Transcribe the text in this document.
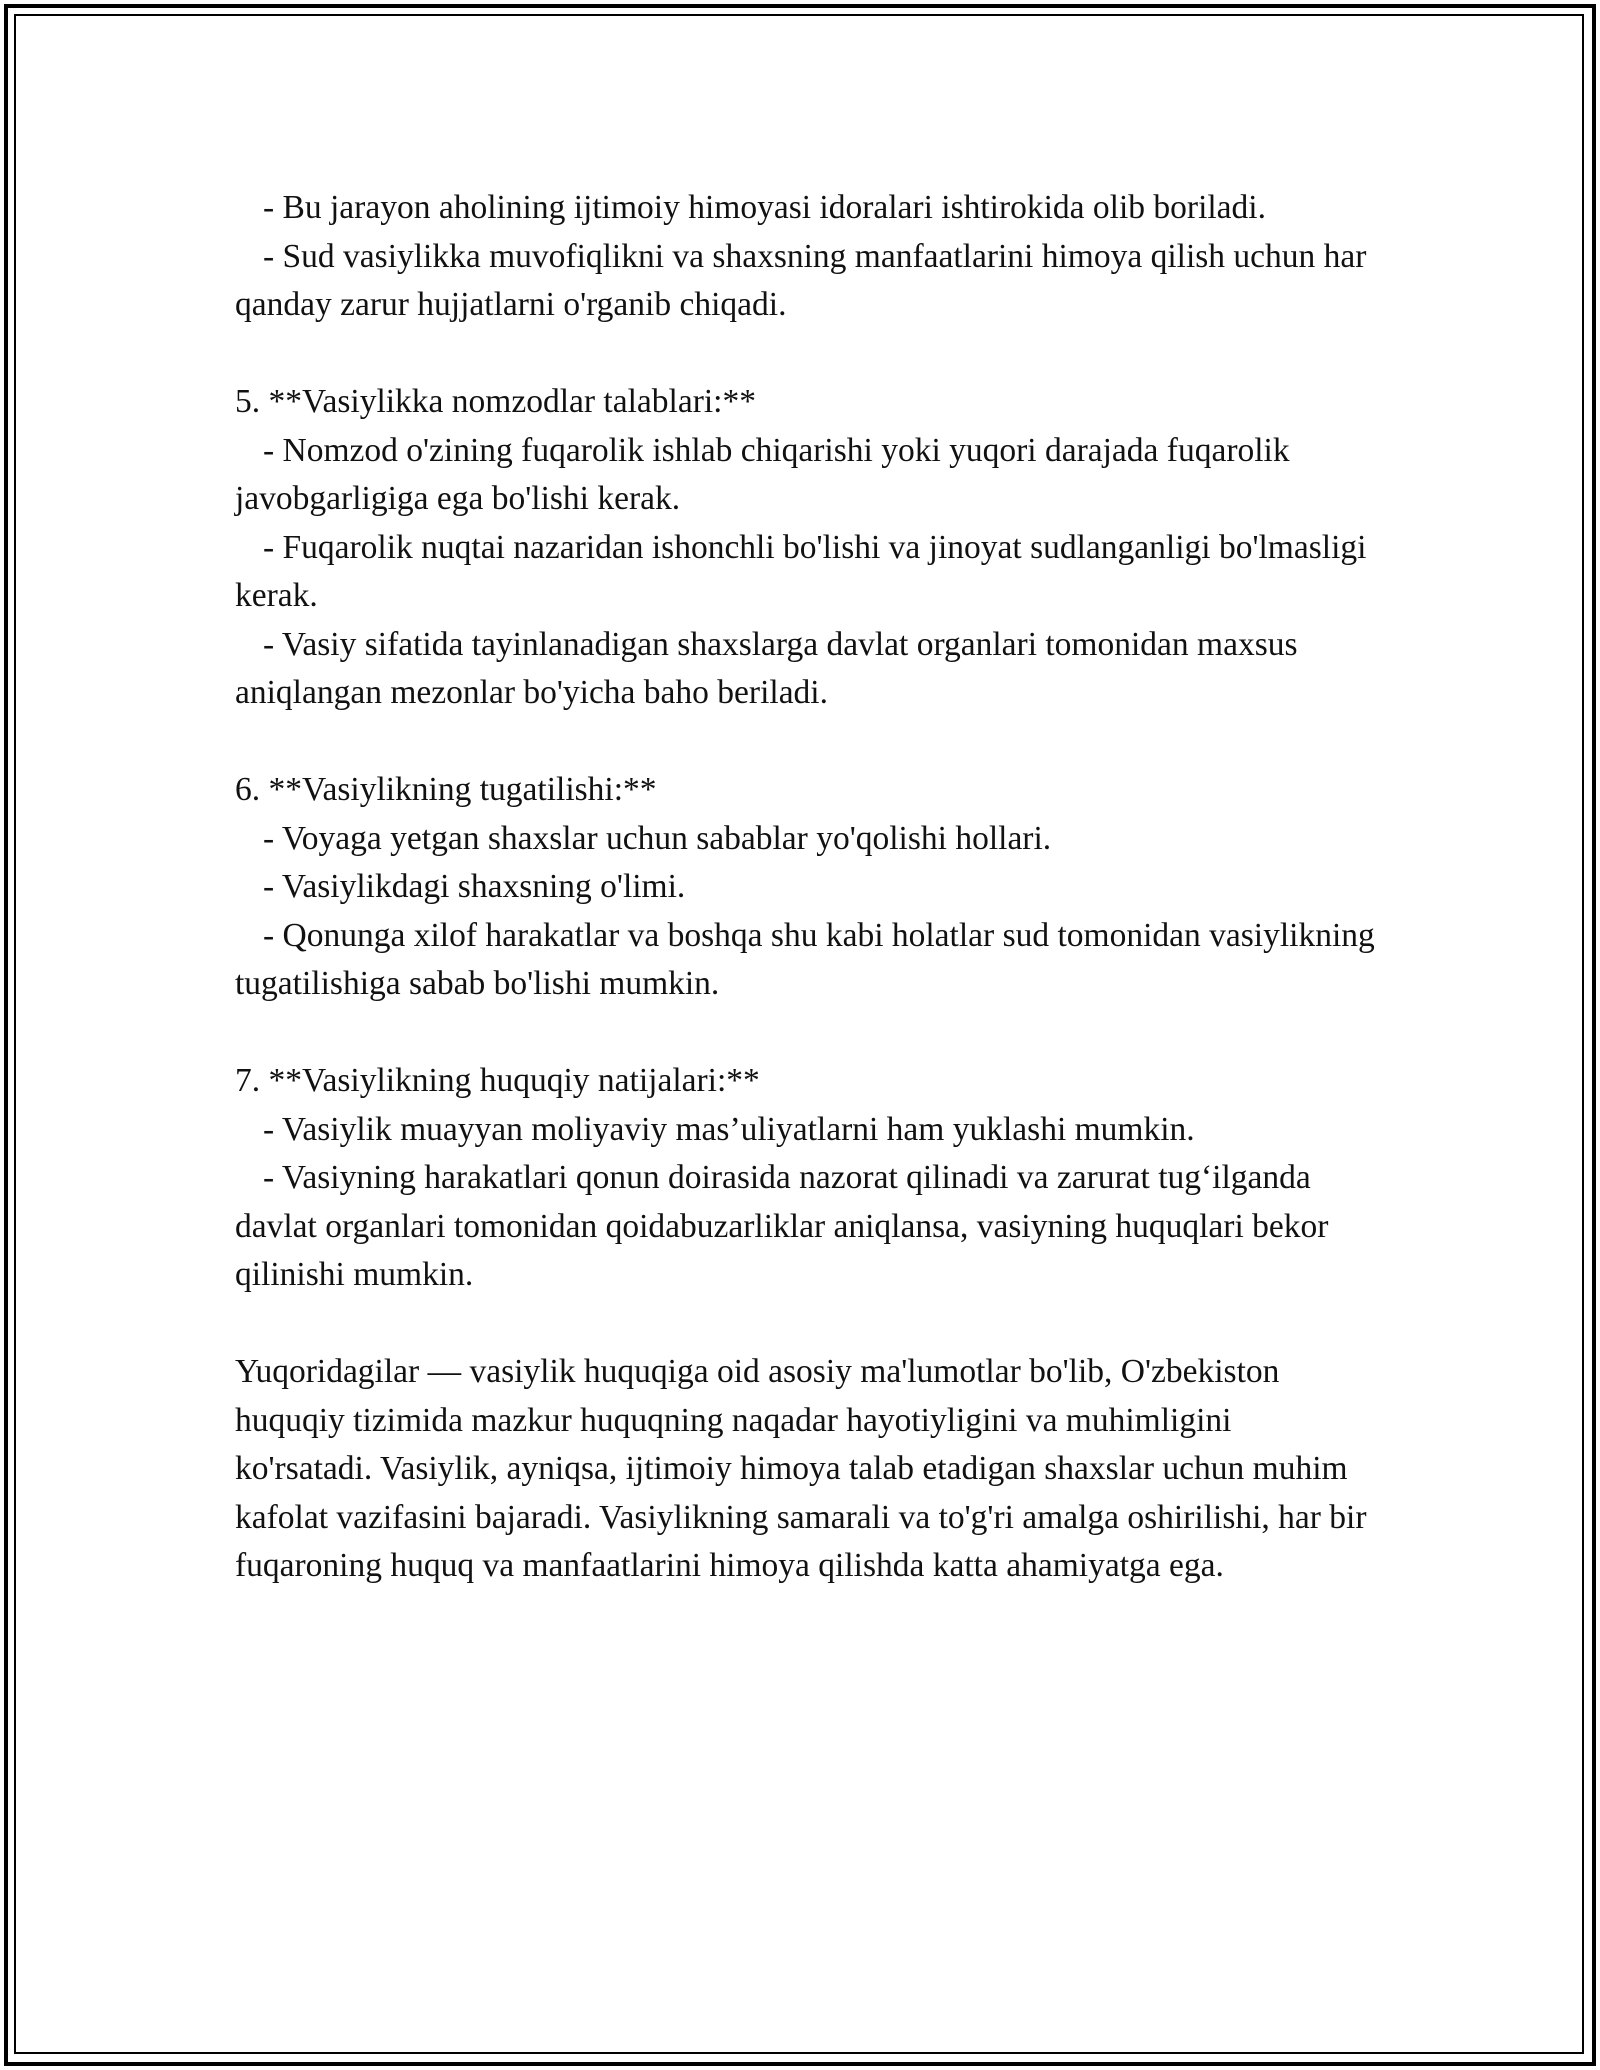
- Bu jarayon aholining ijtimoiy himoyasi idoralari ishtirokida olib boriladi.

- Sud vasiylikka muvofiqlikni va shaxsning manfaatlarini himoya qilish uchun har qanday zarur hujjatlarni o'rganib chiqadi.

5. **Vasiylikka nomzodlar talablari:**

- Nomzod o'zining fuqarolik ishlab chiqarishi yoki yuqori darajada fuqarolik javobgarligiga ega bo'lishi kerak.

- Fuqarolik nuqtai nazaridan ishonchli bo'lishi va jinoyat sudlanganligi bo'lmasligi kerak.

- Vasiy sifatida tayinlanadigan shaxslarga davlat organlari tomonidan maxsus aniqlangan mezonlar bo'yicha baho beriladi.

6. **Vasiylikning tugatilishi:**

- Voyaga yetgan shaxslar uchun sabablar yo'qolishi hollari.

- Vasiylikdagi shaxsning o'limi.

- Qonunga xilof harakatlar va boshqa shu kabi holatlar sud tomonidan vasiylikning tugatilishiga sabab bo'lishi mumkin.

7. **Vasiylikning huquqiy natijalari:**

- Vasiylik muayyan moliyaviy mas’uliyatlarni ham yuklashi mumkin.

- Vasiyning harakatlari qonun doirasida nazorat qilinadi va zarurat tug‘ilganda davlat organlari tomonidan qoidabuzarliklar aniqlansa, vasiyning huquqlari bekor qilinishi mumkin.

Yuqoridagilar — vasiylik huquqiga oid asosiy ma'lumotlar bo'lib, O'zbekiston huquqiy tizimida mazkur huquqning naqadar hayotiyligini va muhimligini ko'rsatadi. Vasiylik, ayniqsa, ijtimoiy himoya talab etadigan shaxslar uchun muhim kafolat vazifasini bajaradi. Vasiylikning samarali va to'g'ri amalga oshirilishi, har bir fuqaroning huquq va manfaatlarini himoya qilishda katta ahamiyatga ega.
